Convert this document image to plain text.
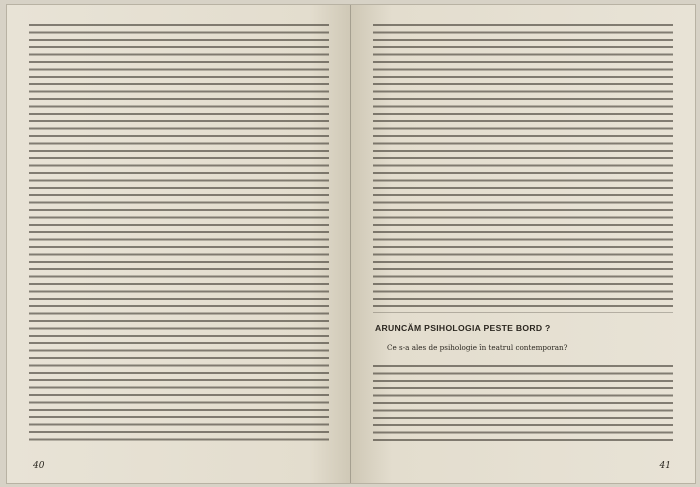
40
ARUNCĂM PSIHOLOGIA PESTE BORD ?
Ce s-a ales de psihologie în teatrul contemporan?
41
